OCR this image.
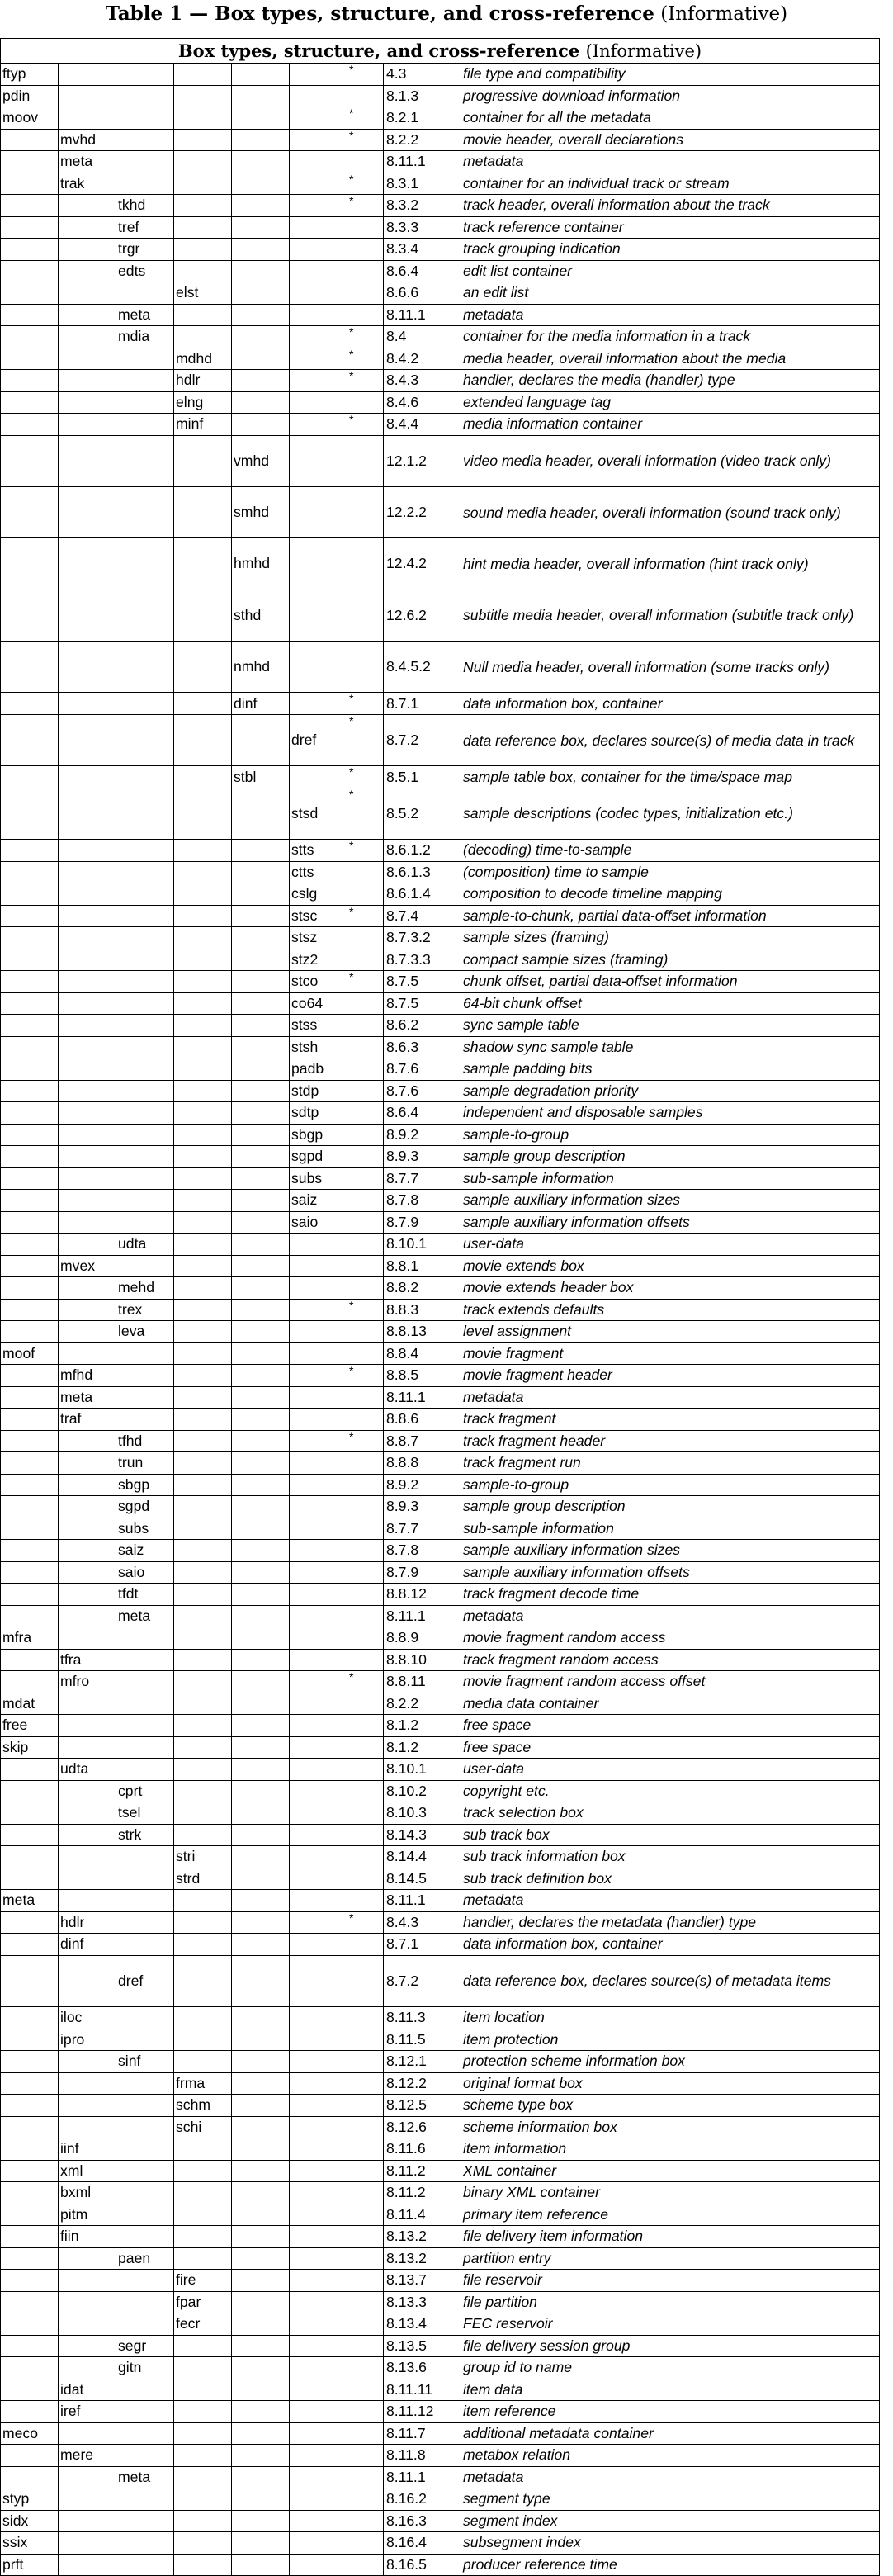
Table 1 — Box types, structure, and cross-reference (Informative)
Box types, structure, and cross-reference (Informative)								
ftyp						*	4.3	file type and compatibility
pdin							8.1.3	progressive download information
moov						*	8.2.1	container for all the metadata
	mvhd					*	8.2.2	movie header, overall declarations
	meta						8.11.1	metadata
	trak					*	8.3.1	container for an individual track or stream
		tkhd				*	8.3.2	track header, overall information about the track
		tref					8.3.3	track reference container
		trgr					8.3.4	track grouping indication
		edts					8.6.4	edit list container
			elst				8.6.6	an edit list
		meta					8.11.1	metadata
		mdia				*	8.4	container for the media information in a track
			mdhd			*	8.4.2	media header, overall information about the media
			hdlr			*	8.4.3	handler, declares the media (handler) type
			elng				8.4.6	extended language tag
			minf			*	8.4.4	media information container
				vmhd			12.1.2	video media header, overall information (video track only)
				smhd			12.2.2	sound media header, overall information (sound track only)
				hmhd			12.4.2	hint media header, overall information (hint track only)
				sthd			12.6.2	subtitle media header, overall information (subtitle track only)
				nmhd			8.4.5.2	Null media header, overall information (some tracks only)
				dinf		*	8.7.1	data information box, container
					dref	*	8.7.2	data reference box, declares source(s) of media data in track
				stbl		*	8.5.1	sample table box, container for the time/space map
					stsd	*	8.5.2	sample descriptions (codec types, initialization etc.)
					stts	*	8.6.1.2	(decoding) time-to-sample
					ctts		8.6.1.3	(composition) time to sample
					cslg		8.6.1.4	composition to decode timeline mapping
					stsc	*	8.7.4	sample-to-chunk, partial data-offset information
					stsz		8.7.3.2	sample sizes (framing)
					stz2		8.7.3.3	compact sample sizes (framing)
					stco	*	8.7.5	chunk offset, partial data-offset information
					co64		8.7.5	64-bit chunk offset
					stss		8.6.2	sync sample table
					stsh		8.6.3	shadow sync sample table
					padb		8.7.6	sample padding bits
					stdp		8.7.6	sample degradation priority
					sdtp		8.6.4	independent and disposable samples
					sbgp		8.9.2	sample-to-group
					sgpd		8.9.3	sample group description
					subs		8.7.7	sub-sample information
					saiz		8.7.8	sample auxiliary information sizes
					saio		8.7.9	sample auxiliary information offsets
		udta					8.10.1	user-data
	mvex						8.8.1	movie extends box
		mehd					8.8.2	movie extends header box
		trex				*	8.8.3	track extends defaults
		leva					8.8.13	level assignment
moof							8.8.4	movie fragment
	mfhd					*	8.8.5	movie fragment header
	meta						8.11.1	metadata
	traf						8.8.6	track fragment
		tfhd				*	8.8.7	track fragment header
		trun					8.8.8	track fragment run
		sbgp					8.9.2	sample-to-group
		sgpd					8.9.3	sample group description
		subs					8.7.7	sub-sample information
		saiz					8.7.8	sample auxiliary information sizes
		saio					8.7.9	sample auxiliary information offsets
		tfdt					8.8.12	track fragment decode time
		meta					8.11.1	metadata
mfra							8.8.9	movie fragment random access
	tfra						8.8.10	track fragment random access
	mfro					*	8.8.11	movie fragment random access offset
mdat							8.2.2	media data container
free							8.1.2	free space
skip							8.1.2	free space
	udta						8.10.1	user-data
		cprt					8.10.2	copyright etc.
		tsel					8.10.3	track selection box
		strk					8.14.3	sub track box
			stri				8.14.4	sub track information box
			strd				8.14.5	sub track definition box
meta							8.11.1	metadata
	hdlr					*	8.4.3	handler, declares the metadata (handler) type
	dinf						8.7.1	data information box, container
		dref					8.7.2	data reference box, declares source(s) of metadata items
	iloc						8.11.3	item location
	ipro						8.11.5	item protection
		sinf					8.12.1	protection scheme information box
			frma				8.12.2	original format box
			schm				8.12.5	scheme type box
			schi				8.12.6	scheme information box
	iinf						8.11.6	item information
	xml						8.11.2	XML container
	bxml						8.11.2	binary XML container
	pitm						8.11.4	primary item reference
	fiin						8.13.2	file delivery item information
		paen					8.13.2	partition entry
			fire				8.13.7	file reservoir
			fpar				8.13.3	file partition
			fecr				8.13.4	FEC reservoir
		segr					8.13.5	file delivery session group
		gitn					8.13.6	group id to name
	idat						8.11.11	item data
	iref						8.11.12	item reference
meco							8.11.7	additional metadata container
	mere						8.11.8	metabox relation
		meta					8.11.1	metadata
styp							8.16.2	segment type
sidx							8.16.3	segment index
ssix							8.16.4	subsegment index
prft							8.16.5	producer reference time
